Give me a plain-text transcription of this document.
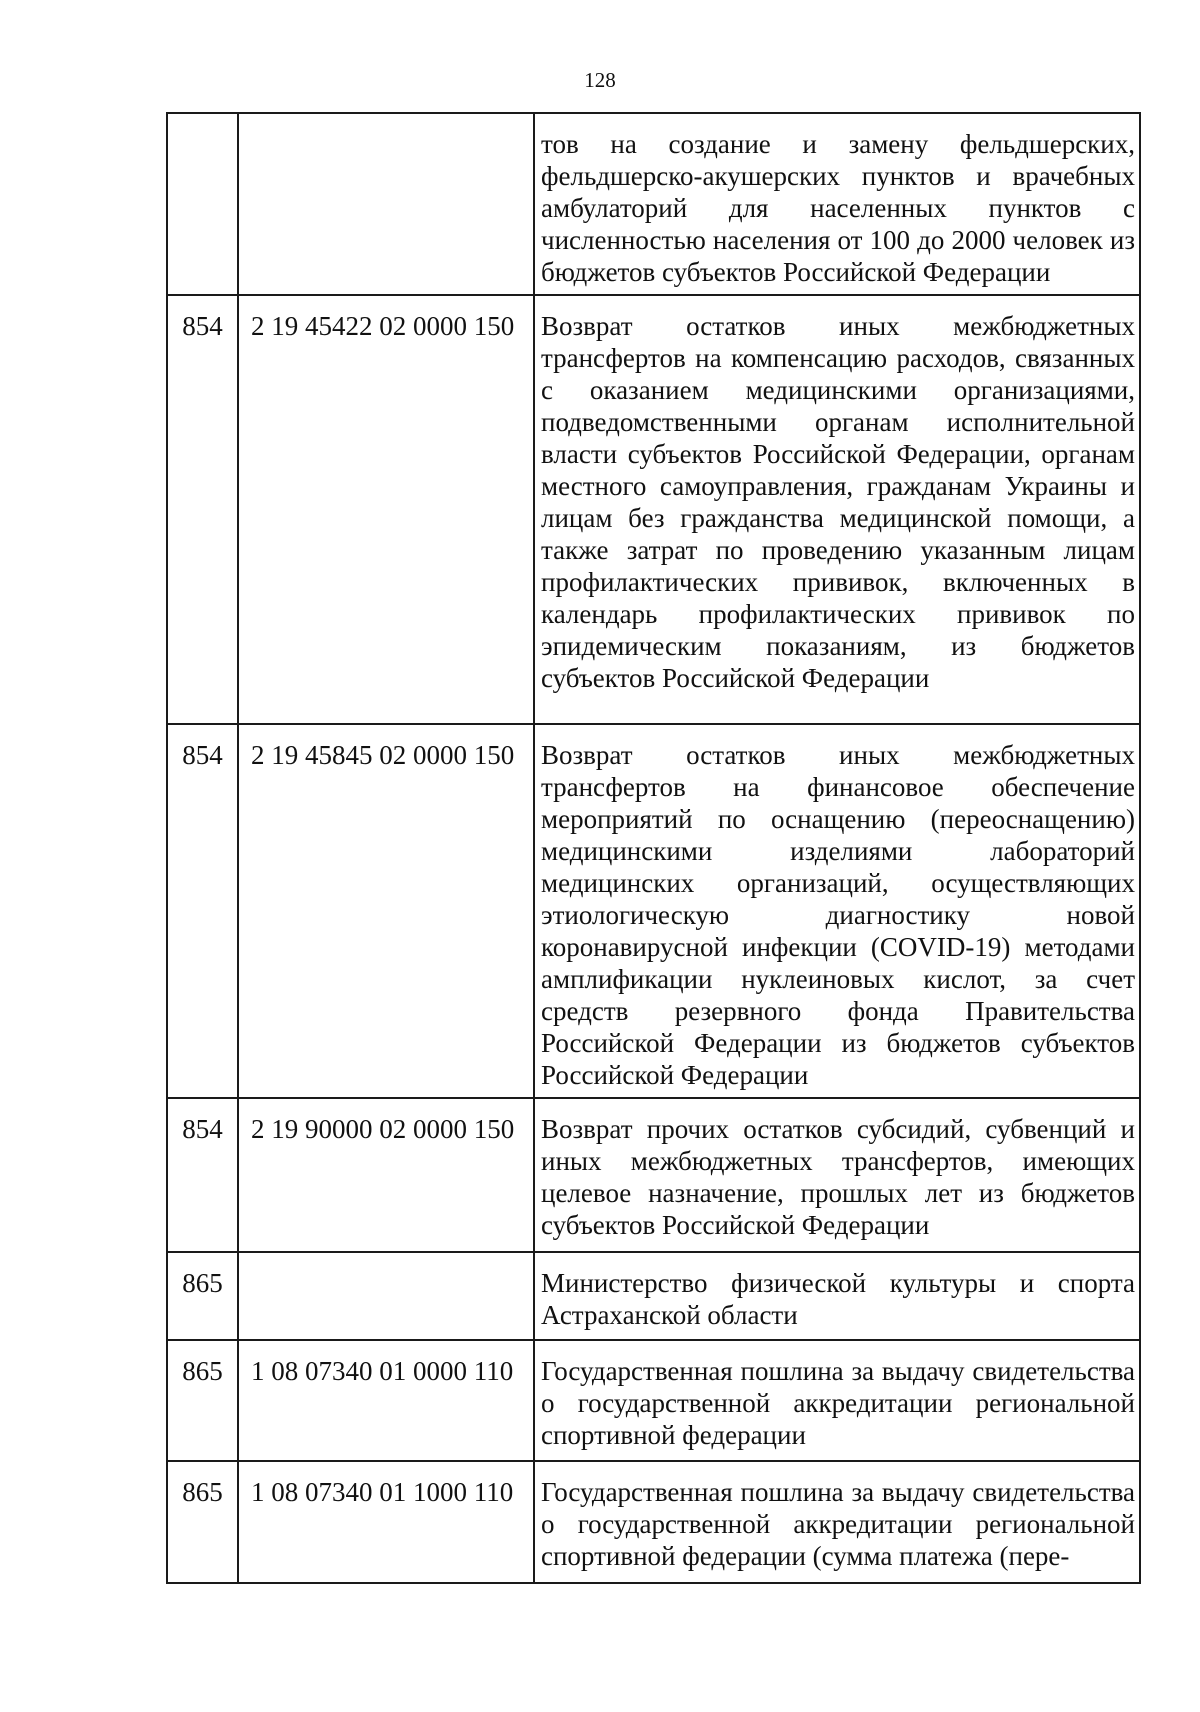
128
		тов на создание и замену фельдшерских, фельдшерско-акушерских пунктов и врачебных амбулаторий для населенных пунктов с численностью населения от 100 до 2000 человек из бюджетов субъектов Российской Федерации
854	2 19 45422 02 0000 150	Возврат остатков иных межбюджетных трансфертов на компенсацию расходов, связанных с оказанием медицинскими организациями, подведомственными органам исполнительной власти субъектов Российской Федерации, органам местного самоуправления, гражданам Украины и лицам без гражданства медицинской помощи, а также затрат по проведению указанным лицам профилактических прививок, включенных в календарь профилактических прививок по эпидемическим показаниям, из бюджетов субъектов Российской Федерации
854	2 19 45845 02 0000 150	Возврат остатков иных межбюджетных трансфертов на финансовое обеспечение мероприятий по оснащению (переоснащению) медицинскими изделиями лабораторий медицинских организаций, осуществляющих этиологическую диагностику новой коронавирусной инфекции (COVID-19) методами амплификации нуклеиновых кислот, за счет средств резервного фонда Правительства Российской Федерации из бюджетов субъектов Российской Федерации
854	2 19 90000 02 0000 150	Возврат прочих остатков субсидий, субвенций и иных межбюджетных трансфертов, имеющих целевое назначение, прошлых лет из бюджетов субъектов Российской Федерации
865		Министерство физической культуры и спорта Астраханской области
865	1 08 07340 01 0000 110	Государственная пошлина за выдачу свидетельства о государственной аккредитации региональной спортивной федерации
865	1 08 07340 01 1000 110	Государственная пошлина за выдачу свидетельства о государственной аккредитации региональной спортивной федерации (сумма платежа (пере-
